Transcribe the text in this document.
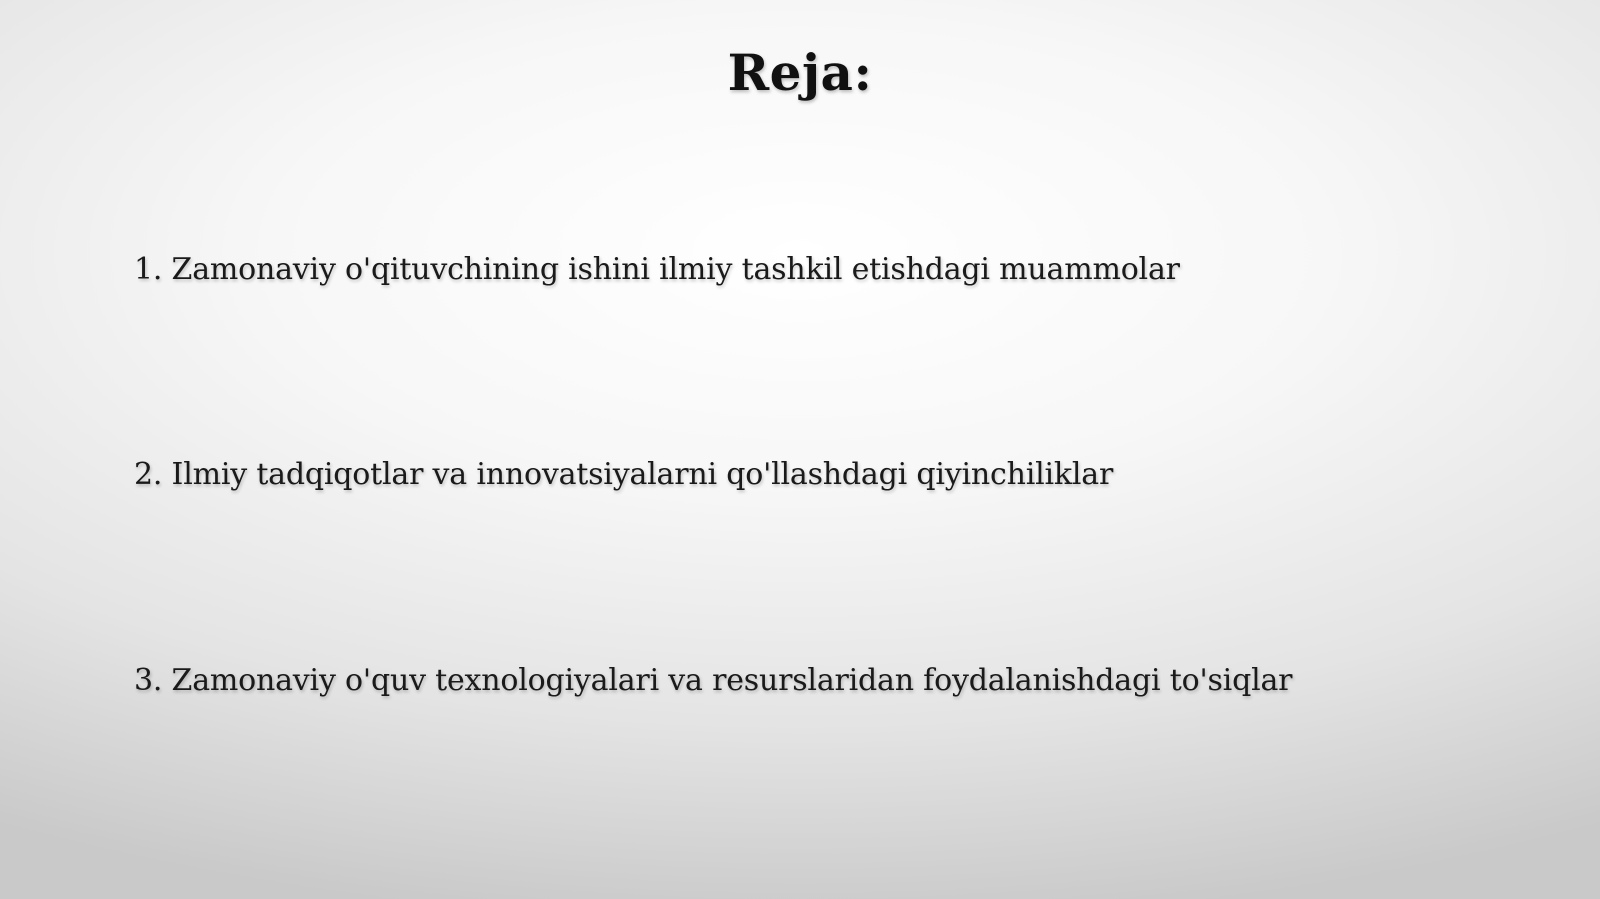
Reja:
1. Zamonaviy o'qituvchining ishini ilmiy tashkil etishdagi muammolar
2. Ilmiy tadqiqotlar va innovatsiyalarni qo'llashdagi qiyinchiliklar
3. Zamonaviy o'quv texnologiyalari va resurslaridan foydalanishdagi to'siqlar
